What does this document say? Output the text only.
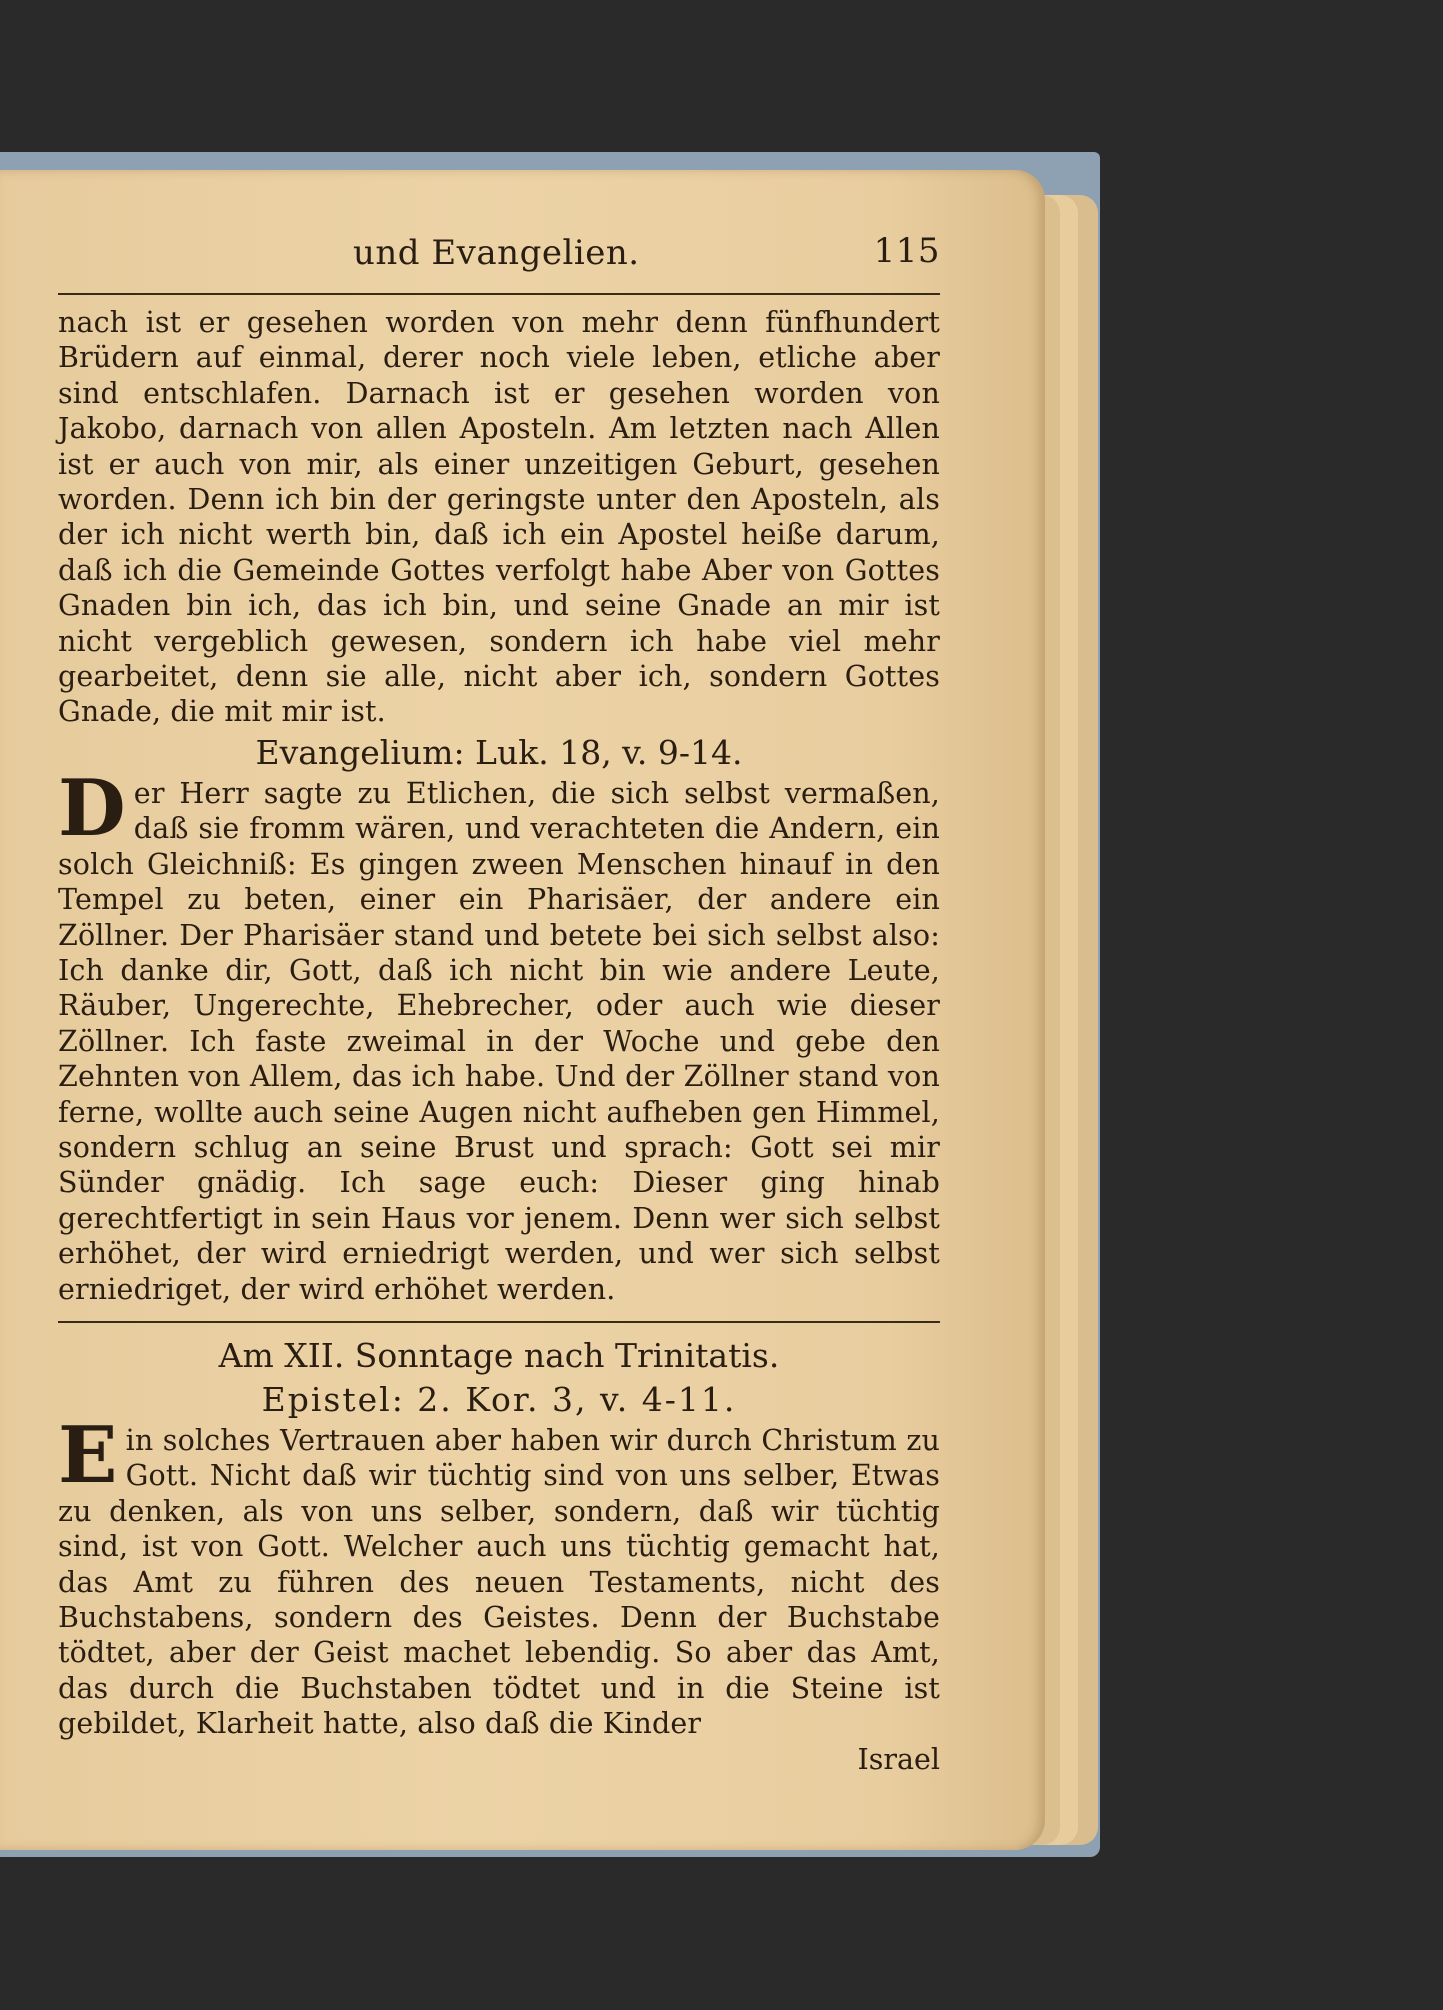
und Evangelien.	115

nach ist er gesehen worden von mehr denn fünfhundert Brüdern auf einmal, derer noch viele leben, etliche aber sind entschlafen. Darnach ist er gesehen worden von Jakobo, darnach von allen Aposteln. Am letzten nach Allen ist er auch von mir, als einer unzeitigen Geburt, gesehen worden. Denn ich bin der geringste unter den Aposteln, als der ich nicht werth bin, daß ich ein Apostel heiße darum, daß ich die Gemeinde Gottes verfolgt habe Aber von Gottes Gnaden bin ich, das ich bin, und seine Gnade an mir ist nicht vergeblich gewesen, sondern ich habe viel mehr gearbeitet, denn sie alle, nicht aber ich, sondern Gottes Gnade, die mit mir ist.

Evangelium: Luk. 18, v. 9-14.

Der Herr sagte zu Etlichen, die sich selbst vermaßen, daß sie fromm wären, und verachteten die Andern, ein solch Gleichniß: Es gingen zween Menschen hinauf in den Tempel zu beten, einer ein Pharisäer, der andere ein Zöllner. Der Pharisäer stand und betete bei sich selbst also: Ich danke dir, Gott, daß ich nicht bin wie andere Leute, Räuber, Ungerechte, Ehebrecher, oder auch wie dieser Zöllner. Ich faste zweimal in der Woche und gebe den Zehnten von Allem, das ich habe. Und der Zöllner stand von ferne, wollte auch seine Augen nicht aufheben gen Himmel, sondern schlug an seine Brust und sprach: Gott sei mir Sünder gnädig. Ich sage euch: Dieser ging hinab gerechtfertigt in sein Haus vor jenem. Denn wer sich selbst erhöhet, der wird erniedrigt werden, und wer sich selbst erniedriget, der wird erhöhet werden.

Am XII. Sonntage nach Trinitatis.
Epistel: 2. Kor. 3, v. 4-11.

Ein solches Vertrauen aber haben wir durch Christum zu Gott. Nicht daß wir tüchtig sind von uns selber, Etwas zu denken, als von uns selber, sondern, daß wir tüchtig sind, ist von Gott. Welcher auch uns tüchtig gemacht hat, das Amt zu führen des neuen Testaments, nicht des Buchstabens, sondern des Geistes. Denn der Buchstabe tödtet, aber der Geist machet lebendig. So aber das Amt, das durch die Buchstaben tödtet und in die Steine ist gebildet, Klarheit hatte, also daß die Kinder

Israel
